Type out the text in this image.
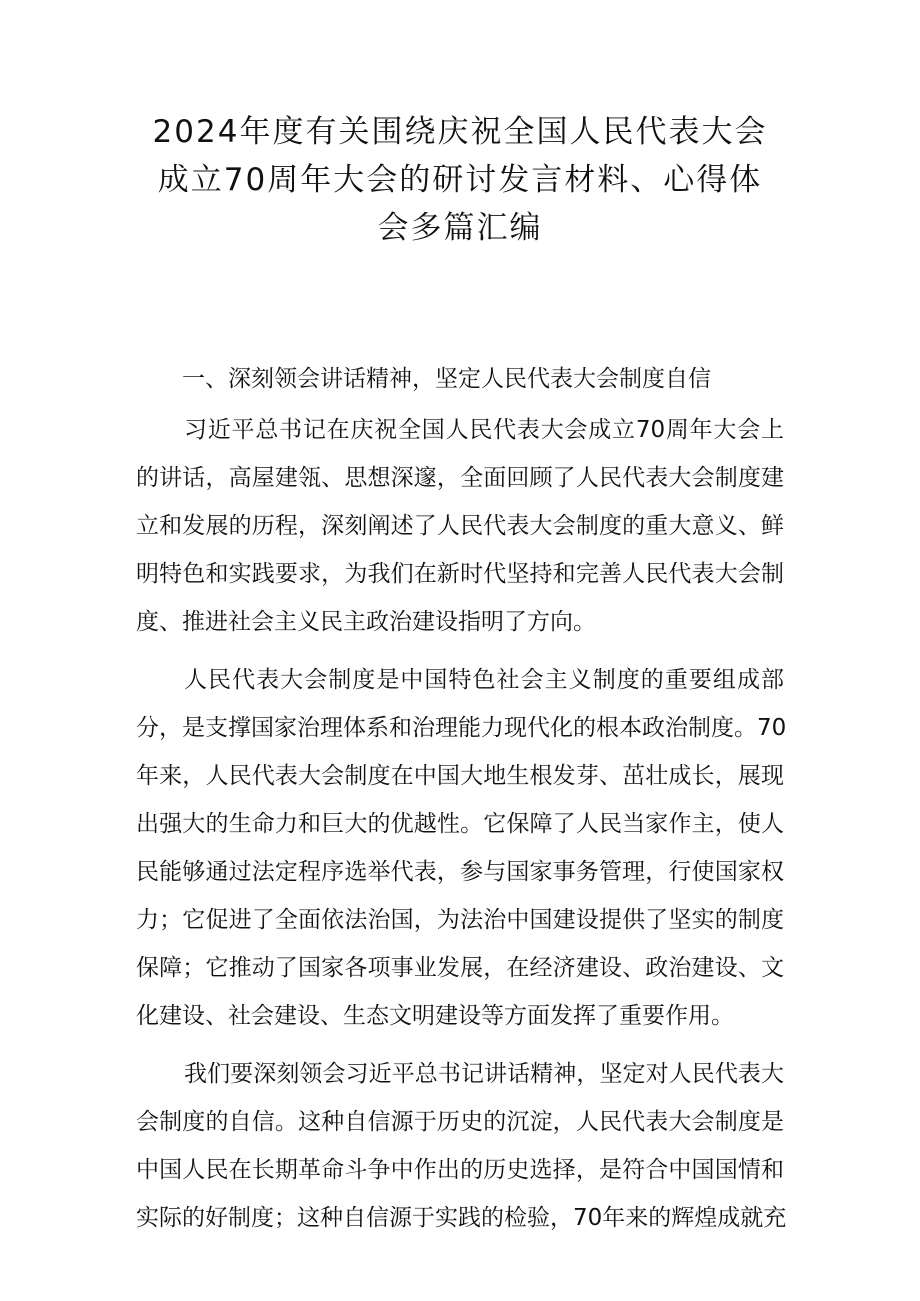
2024年度有关围绕庆祝全国人民代表大会
成立70周年大会的研讨发言材料、心得体
会多篇汇编
一、深刻领会讲话精神，坚定人民代表大会制度自信

习近平总书记在庆祝全国人民代表大会成立70周年大会上
的讲话，高屋建瓴、思想深邃，全面回顾了人民代表大会制度建
立和发展的历程，深刻阐述了人民代表大会制度的重大意义、鲜
明特色和实践要求，为我们在新时代坚持和完善人民代表大会制
度、推进社会主义民主政治建设指明了方向。

人民代表大会制度是中国特色社会主义制度的重要组成部
分，是支撑国家治理体系和治理能力现代化的根本政治制度。70
年来，人民代表大会制度在中国大地生根发芽、茁壮成长，展现
出强大的生命力和巨大的优越性。它保障了人民当家作主，使人
民能够通过法定程序选举代表，参与国家事务管理，行使国家权
力；它促进了全面依法治国，为法治中国建设提供了坚实的制度
保障；它推动了国家各项事业发展，在经济建设、政治建设、文
化建设、社会建设、生态文明建设等方面发挥了重要作用。

我们要深刻领会习近平总书记讲话精神，坚定对人民代表大
会制度的自信。这种自信源于历史的沉淀，人民代表大会制度是
中国人民在长期革命斗争中作出的历史选择，是符合中国国情和
实际的好制度；这种自信源于实践的检验，70年来的辉煌成就充
